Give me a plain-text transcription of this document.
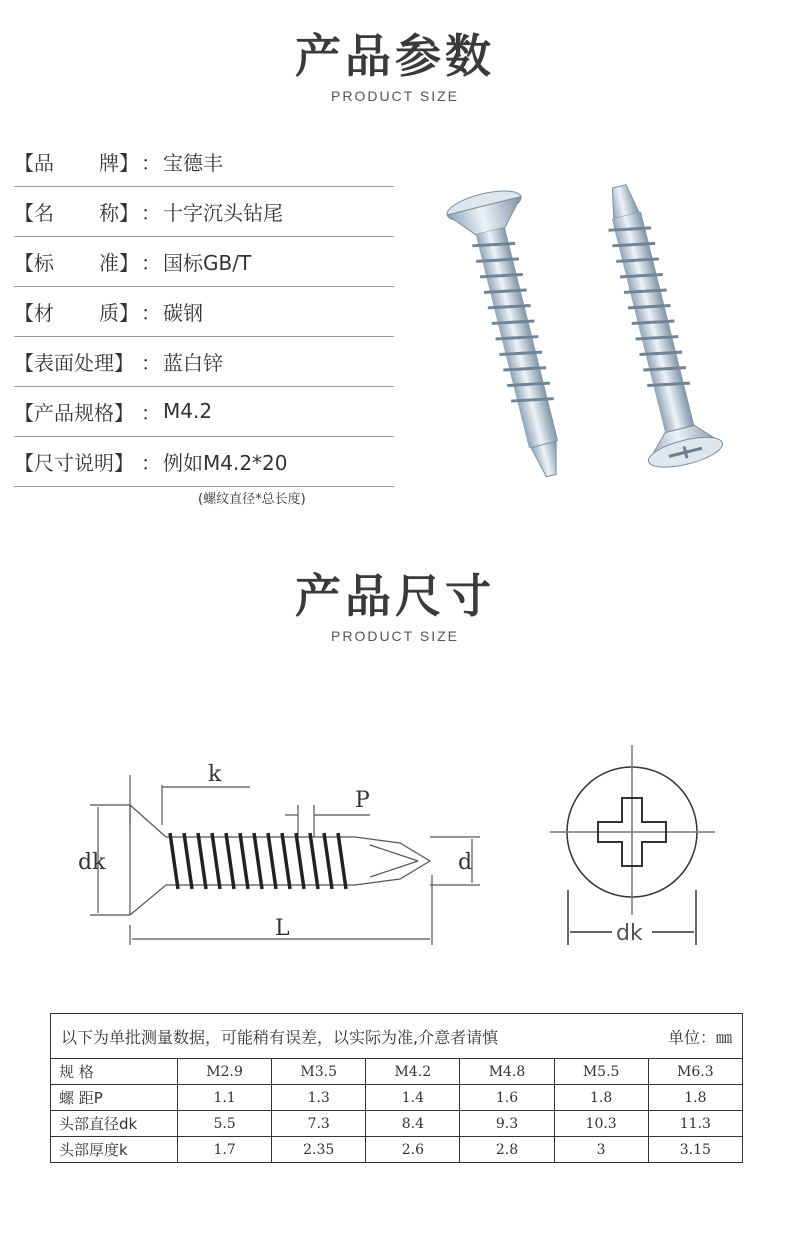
产品参数
PRODUCT SIZE
【品 牌】 ： 宝德丰
【名 称】 ： 十字沉头钻尾
【标 准】 ： 国标GB/T
【材 质】 ： 碳钢
【表面处理】 ： 蓝白锌
【产品规格】 ： M4.2
【尺寸说明】 ： 例如M4.2*20
(螺纹直径*总长度)
产品尺寸
PRODUCT SIZE
k
P
dk	d
L	dk
以下为单批测量数据，可能稍有误差，以实际为准,介意者请慎 单位：㎜						

规 格	M2.9	M3.5	M4.2	M4.8	M5.5	M6.3
螺 距P	1.1	1.3	1.4	1.6	1.8	1.8
头部直径dk	5.5	7.3	8.4	9.3	10.3	11.3
头部厚度k	1.7	2.35	2.6	2.8	3	3.15
